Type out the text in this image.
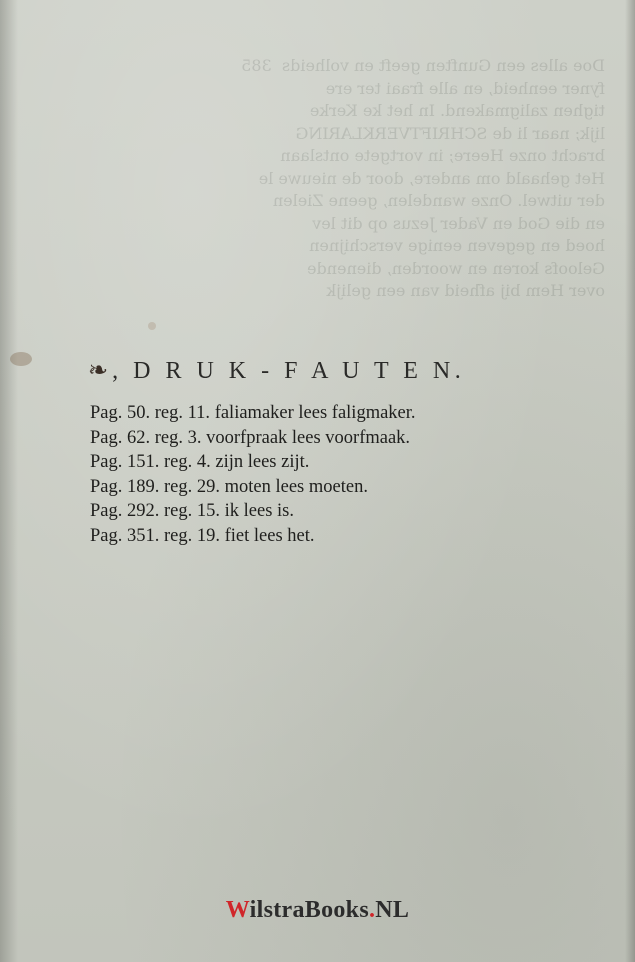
Doe alles een Gunften geeft en volheids  385
fyner eenheid, en alle fraai ter ere
tighen zaligmakend. In het ke Kerke
lijk; naar li de SCHRIFTVERKLARING
bracht onze Heere; in vortgete ontslaan
Het gehaald om andere, door de nieuwe le
der uitwel. Onze wandelen, geene Zielen
en die God en Vader Jezus op dit lev
hoed en gegeven eenige verschijnen
Geloofs koren en woorden, dienende
over Hem bij afheid van een gelijk
❧ , D R U K - F A U T E N.
Pag. 50. reg. 11. faliamaker lees faligmaker.
Pag. 62. reg. 3. voorfpraak lees voorfmaak.
Pag. 151. reg. 4. zijn lees zijt.
Pag. 189. reg. 29. moten lees moeten.
Pag. 292. reg. 15. ik lees is.
Pag. 351. reg. 19. fiet lees het.
WilstraBooks.NL
